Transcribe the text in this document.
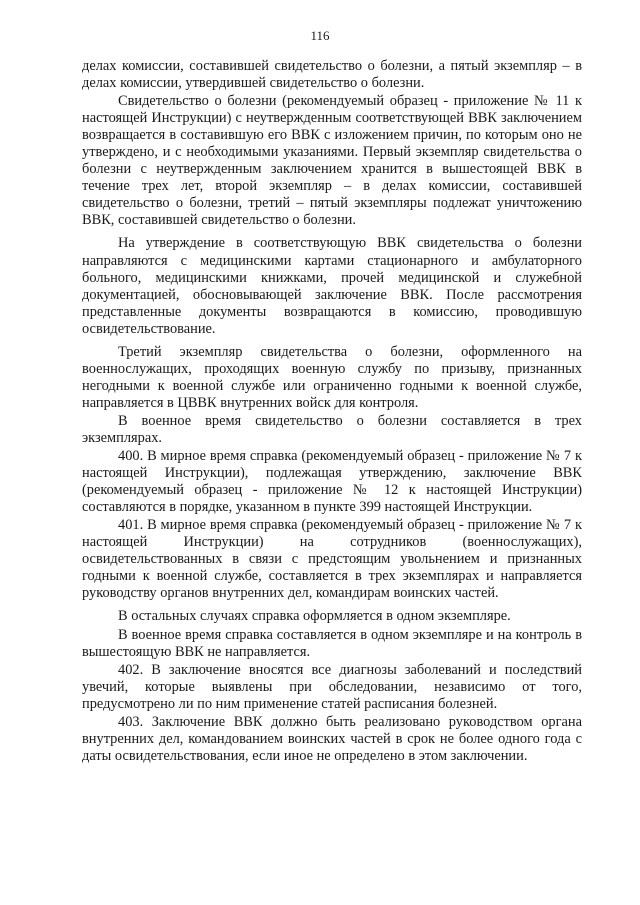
116

делах комиссии, составившей свидетельство о болезни, а пятый экземпляр – в делах комиссии, утвердившей свидетельство о болезни.

Свидетельство о болезни (рекомендуемый образец - приложение № 11 к настоящей Инструкции) с неутвержденным соответствующей ВВК заключением возвращается в составившую его ВВК с изложением причин, по которым оно не утверждено, и с необходимыми указаниями. Первый экземпляр свидетельства о болезни с неутвержденным заключением хранится в вышестоящей ВВК в течение трех лет, второй экземпляр – в делах комиссии, составившей свидетельство о болезни, третий – пятый экземпляры подлежат уничтожению ВВК, составившей свидетельство о болезни.

На утверждение в соответствующую ВВК свидетельства о болезни направляются с медицинскими картами стационарного и амбулаторного больного, медицинскими книжками, прочей медицинской и служебной документацией, обосновывающей заключение ВВК. После рассмотрения представленные документы возвращаются в комиссию, проводившую освидетельствование.

Третий экземпляр свидетельства о болезни, оформленного на военнослужащих, проходящих военную службу по призыву, признанных негодными к военной службе или ограниченно годными к военной службе, направляется в ЦВВК внутренних войск для контроля.

В военное время свидетельство о болезни составляется в трех экземплярах.

400. В мирное время справка (рекомендуемый образец - приложение № 7 к настоящей Инструкции), подлежащая утверждению, заключение ВВК (рекомендуемый образец - приложение № 12 к настоящей Инструкции) составляются в порядке, указанном в пункте 399 настоящей Инструкции.

401. В мирное время справка (рекомендуемый образец - приложение № 7 к настоящей Инструкции) на сотрудников (военнослужащих), освидетельствованных в связи с предстоящим увольнением и признанных годными к военной службе, составляется в трех экземплярах и направляется руководству органов внутренних дел, командирам воинских частей.

В остальных случаях справка оформляется в одном экземпляре.

В военное время справка составляется в одном экземпляре и на контроль в вышестоящую ВВК не направляется.

402. В заключение вносятся все диагнозы заболеваний и последствий увечий, которые выявлены при обследовании, независимо от того, предусмотрено ли по ним применение статей расписания болезней.

403. Заключение ВВК должно быть реализовано руководством органа внутренних дел, командованием воинских частей в срок не более одного года с даты освидетельствования, если иное не определено в этом заключении.
